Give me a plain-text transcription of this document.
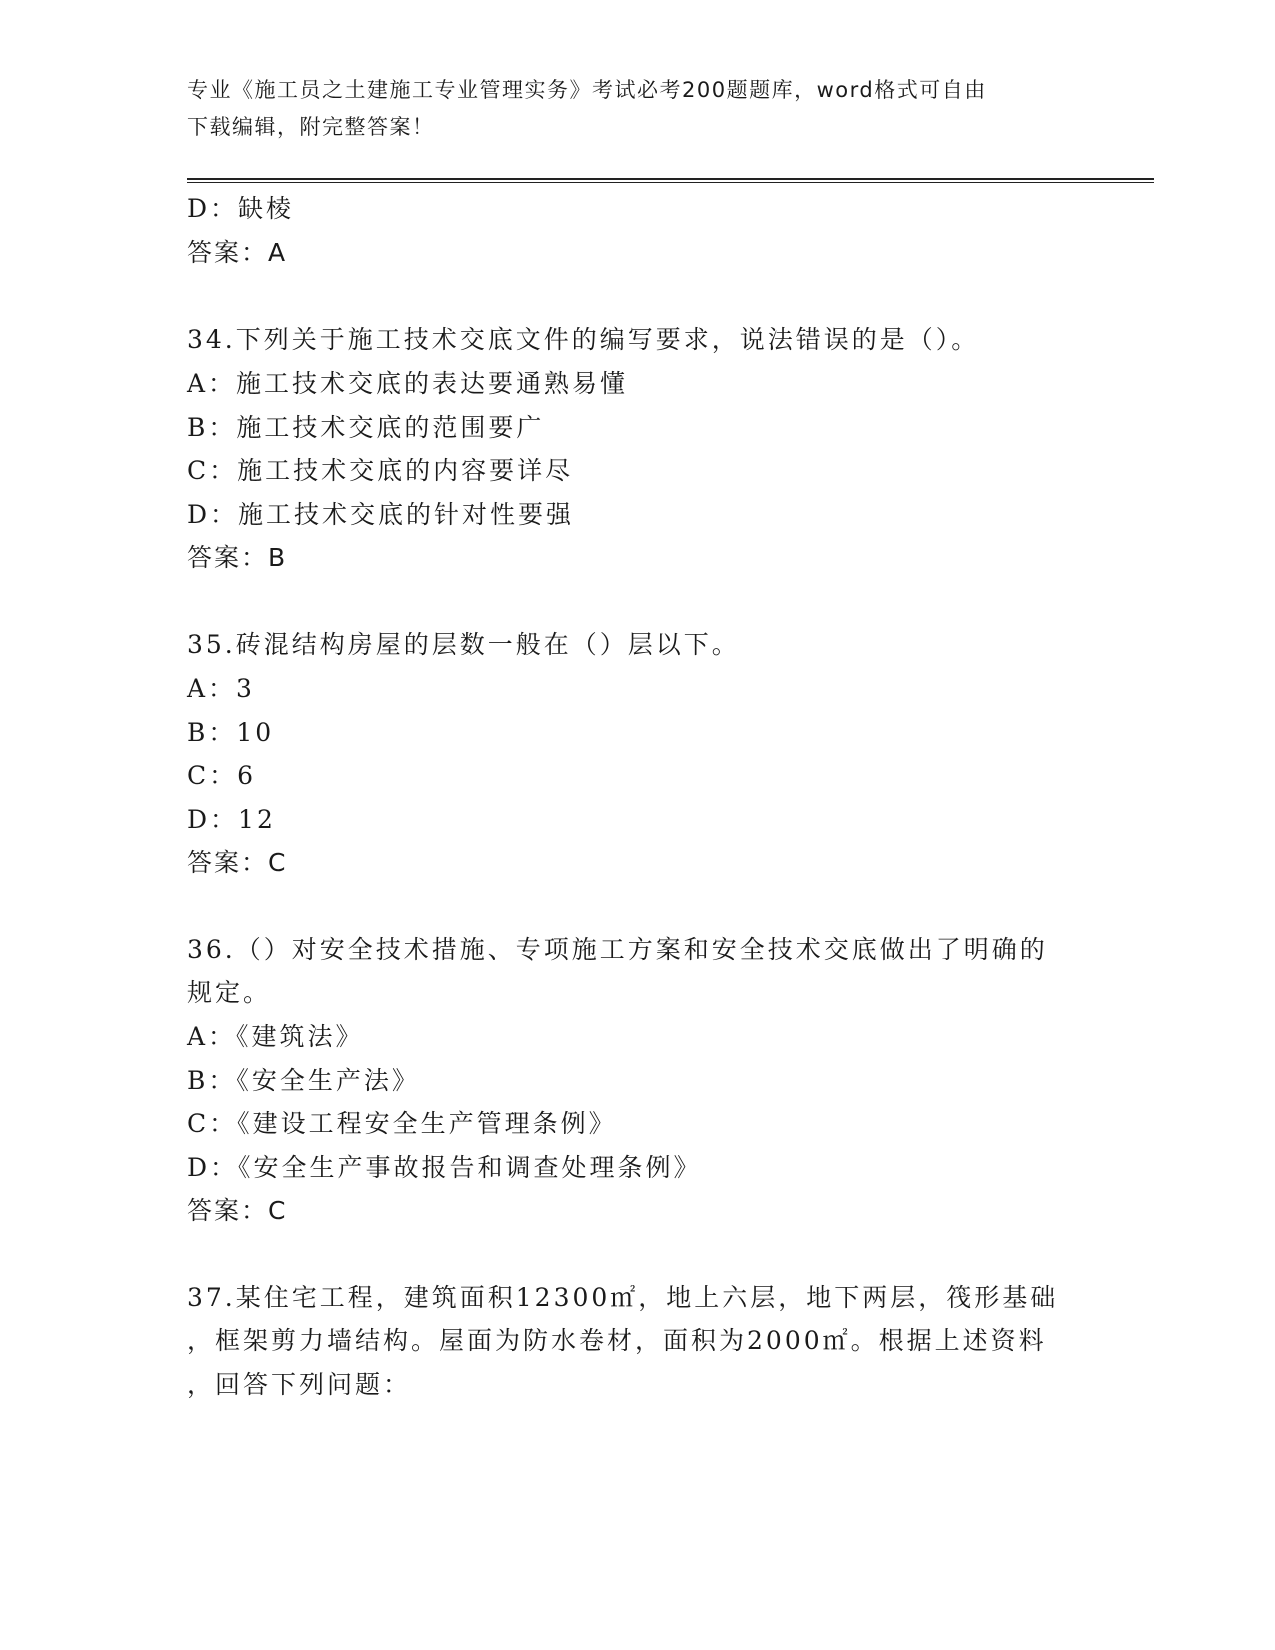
专业《施工员之土建施工专业管理实务》考试必考200题题库，word格式可自由
下载编辑，附完整答案！
D：缺棱
答案：A
34.下列关于施工技术交底文件的编写要求，说法错误的是（）。
A：施工技术交底的表达要通熟易懂
B：施工技术交底的范围要广
C：施工技术交底的内容要详尽
D：施工技术交底的针对性要强
答案：B
35.砖混结构房屋的层数一般在（）层以下。
A：3
B：10
C：6
D：12
答案：C
36.（）对安全技术措施、专项施工方案和安全技术交底做出了明确的
规定。
A：《建筑法》
B：《安全生产法》
C：《建设工程安全生产管理条例》
D：《安全生产事故报告和调查处理条例》
答案：C
37.某住宅工程，建筑面积12300㎡，地上六层，地下两层，筏形基础
，框架剪力墙结构。屋面为防水卷材，面积为2000㎡。根据上述资料
，回答下列问题：
